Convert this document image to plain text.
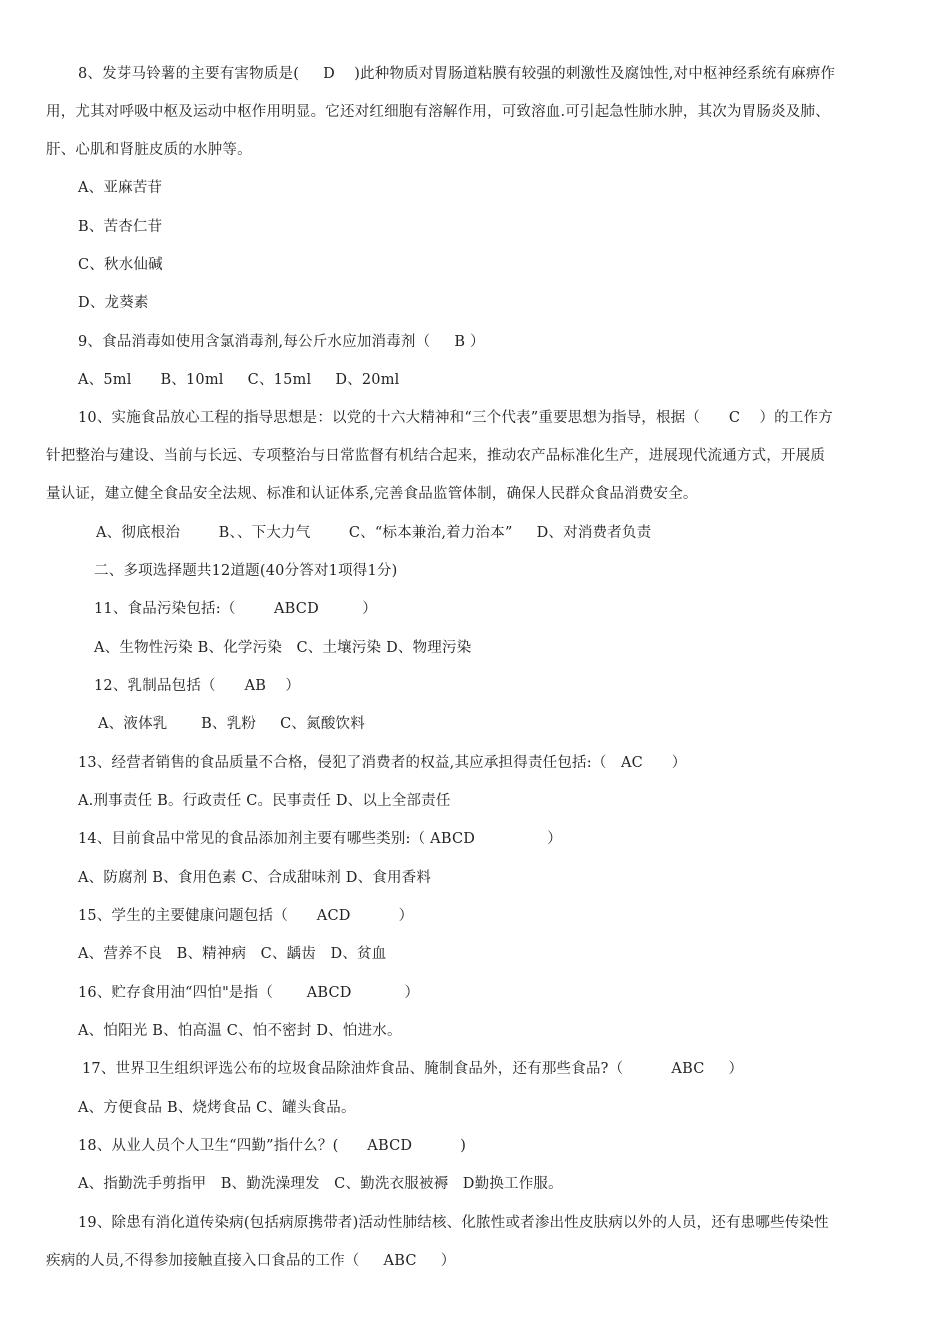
8、发芽马铃薯的主要有害物质是(     D    )此种物质对胃肠道粘膜有较强的刺激性及腐蚀性,对中枢神经系统有麻痹作
用，尤其对呼吸中枢及运动中枢作用明显。它还对红细胞有溶解作用，可致溶血.可引起急性肺水肿，其次为胃肠炎及肺、
肝、心肌和肾脏皮质的水肿等。
A、亚麻苦苷
B、苦杏仁苷
C、秋水仙碱
D、龙葵素
9、食品消毒如使用含氯消毒剂,每公斤水应加消毒剂（     B ）
A、5ml      B、10ml     C、15ml     D、20ml
10、实施食品放心工程的指导思想是：以党的十六大精神和“三个代表”重要思想为指导，根据（      C    ）的工作方
针把整治与建设、当前与长远、专项整治与日常监督有机结合起来，推动农产品标准化生产，进展现代流通方式，开展质
量认证，建立健全食品安全法规、标准和认证体系,完善食品监管体制，确保人民群众食品消费安全。
A、彻底根治        B、、下大力气        C、“标本兼治,着力治本”     D、对消费者负责
二、多项选择题共12道题(40分答对1项得1分)
11、食品污染包括:（        ABCD         ）
A、生物性污染 B、化学污染   C、土壤污染 D、物理污染
12、乳制品包括（      AB    ）
A、液体乳       B、乳粉     C、氮酸饮料
13、经营者销售的食品质量不合格，侵犯了消费者的权益,其应承担得责任包括:（   AC      ）
A.刑事责任 B。行政责任 C。民事责任 D、以上全部责任
14、目前食品中常见的食品添加剂主要有哪些类别:（ ABCD               ）
A、防腐剂 B、食用色素 C、合成甜味剂 D、食用香料
15、学生的主要健康问题包括（      ACD          ）
A、营养不良   B、精神病   C、龋齿   D、贫血
16、贮存食用油“四怕"是指（       ABCD           ）
A、怕阳光 B、怕高温 C、怕不密封 D、怕进水。
17、世界卫生组织评选公布的垃圾食品除油炸食品、腌制食品外，还有那些食品?（          ABC     ）
A、方便食品 B、烧烤食品 C、罐头食品。
18、从业人员个人卫生“四勤”指什么？(      ABCD          )
A、指勤洗手剪指甲   B、勤洗澡理发   C、勤洗衣服被褥   D勤换工作服。
19、除患有消化道传染病(包括病原携带者)活动性肺结核、化脓性或者渗出性皮肤病以外的人员，还有患哪些传染性
疾病的人员,不得参加接触直接入口食品的工作（     ABC     ）
